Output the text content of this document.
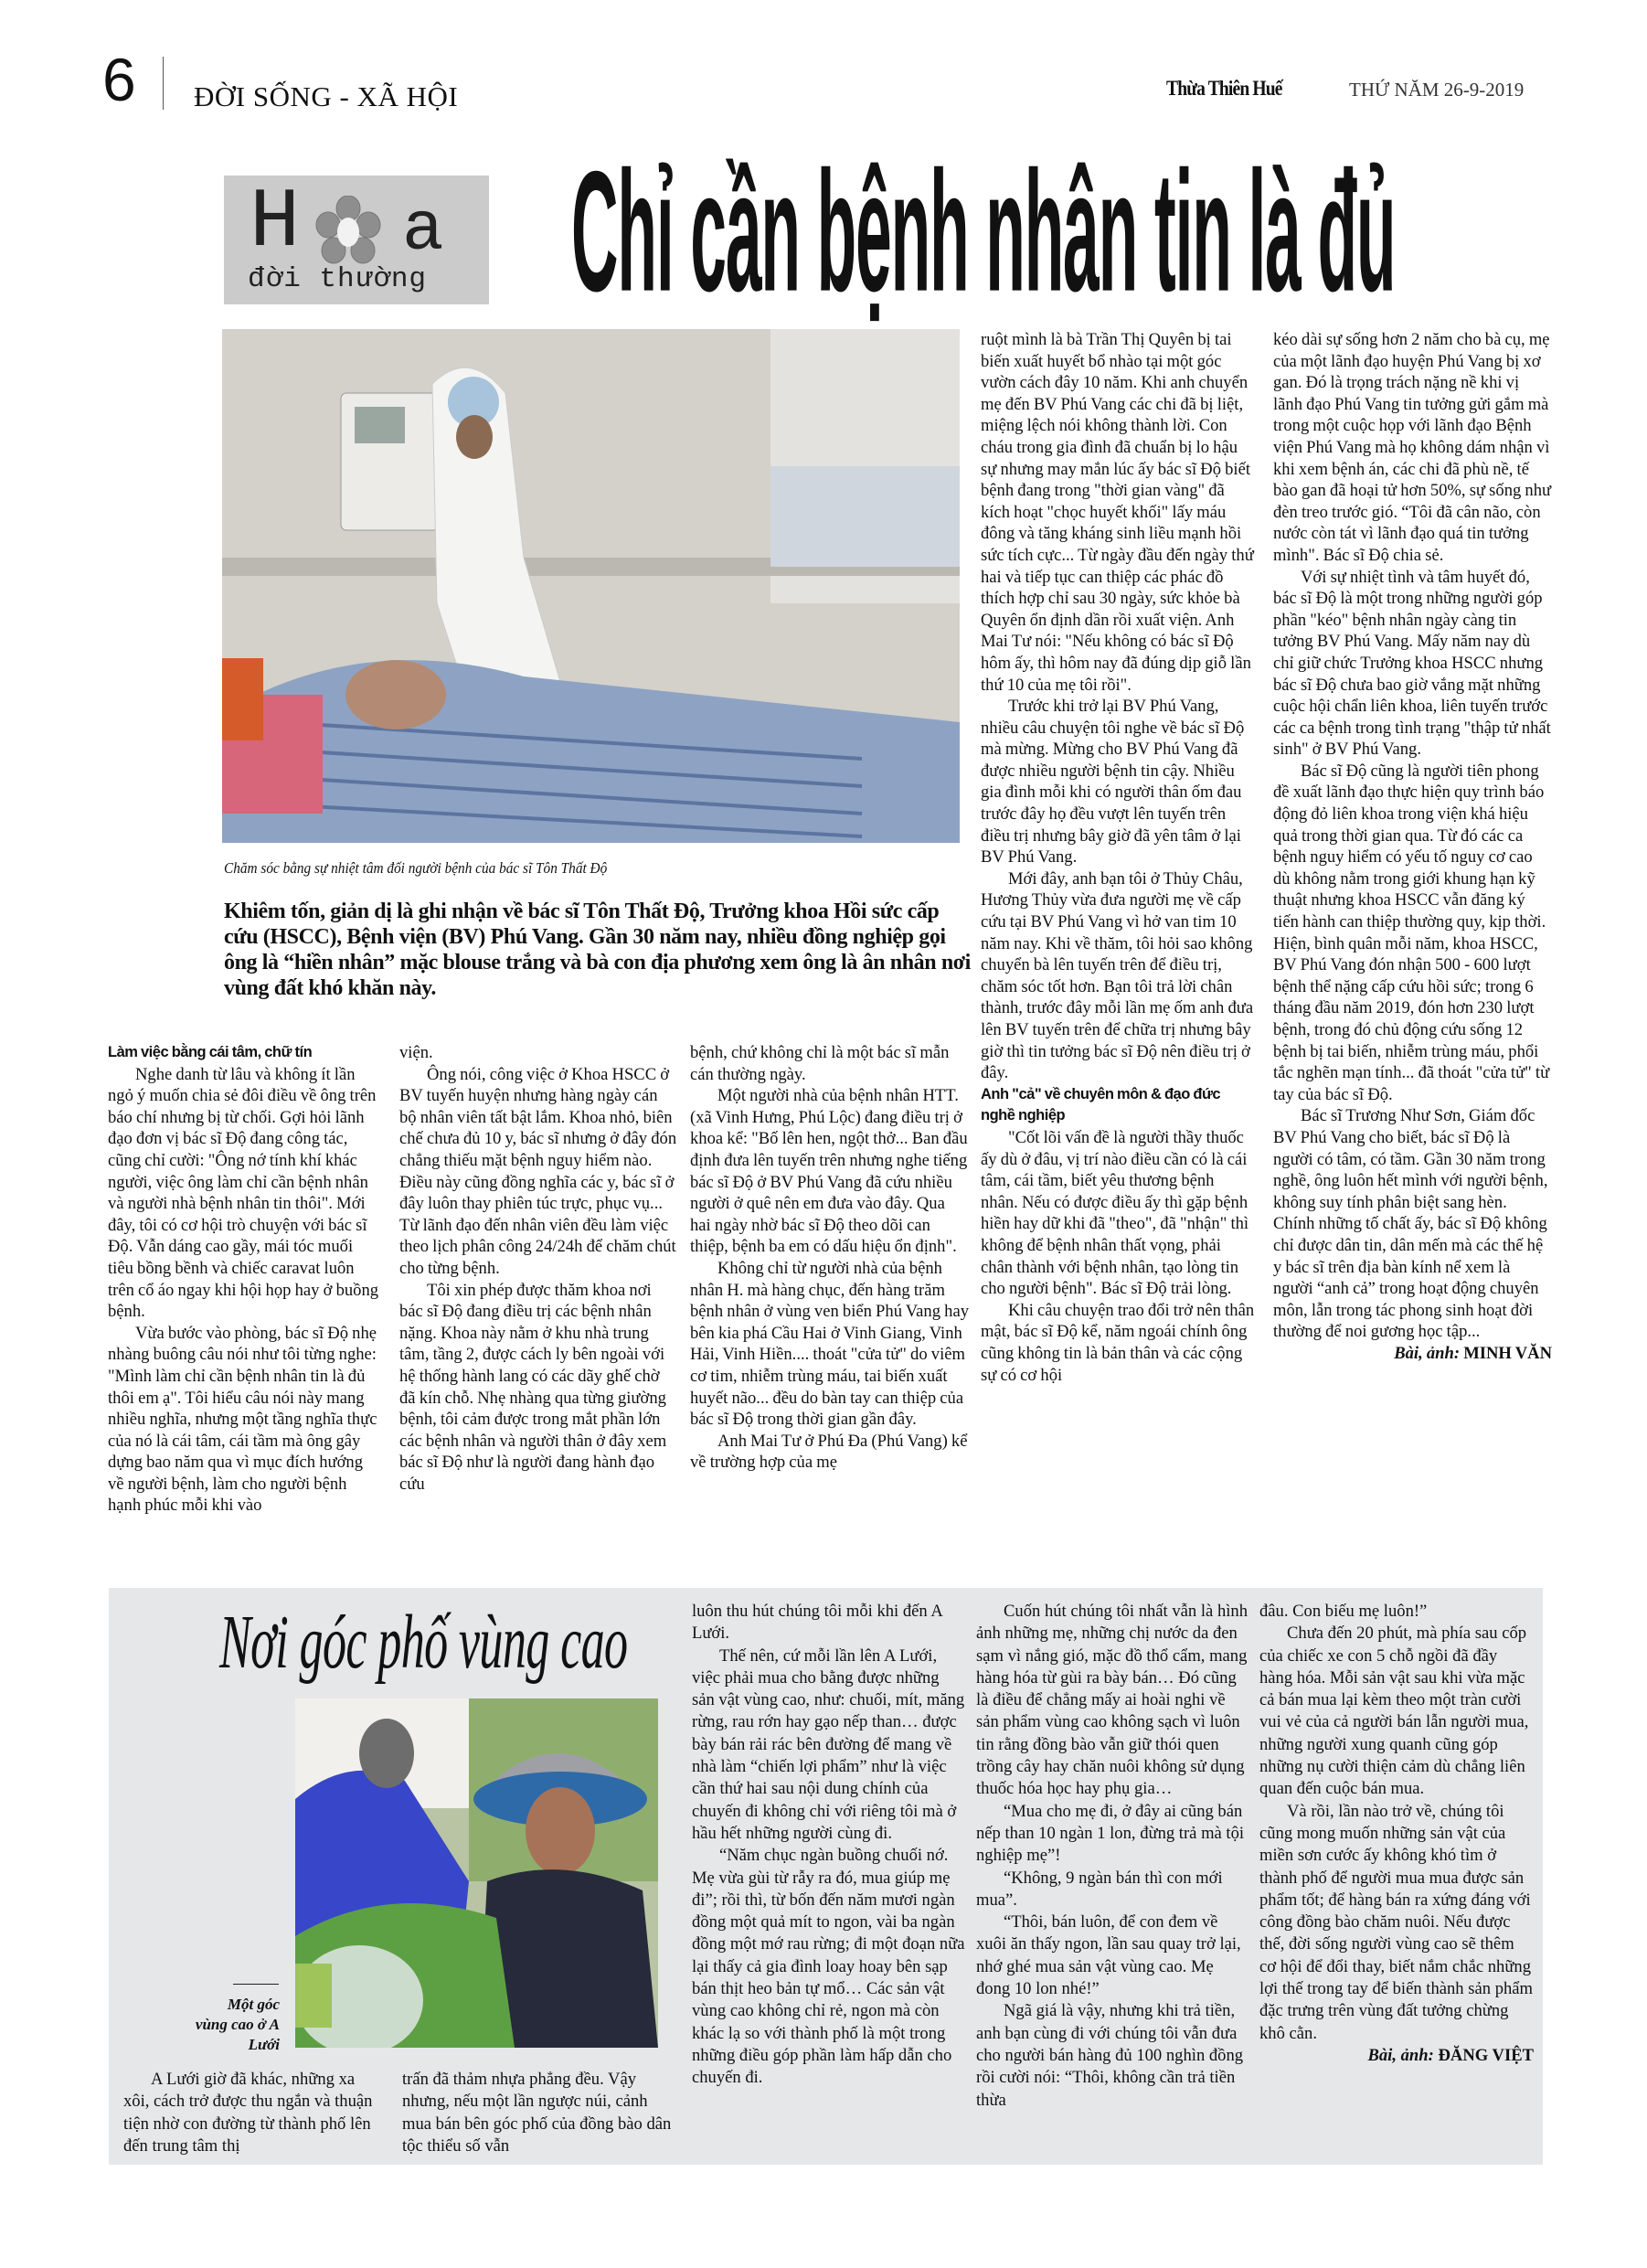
6 ĐỜI SỐNG - XÃ HỘI	Thừa Thiên Huế	THỨ NĂM 26-9-2019
H a
đời thường Chỉ cần bệnh nhân tin là đủ
Chăm sóc bằng sự nhiệt tâm đối người bệnh của bác sĩ Tôn Thất Độ
Khiêm tốn, giản dị là ghi nhận về bác sĩ Tôn Thất Độ, Trưởng khoa Hồi sức cấp cứu (HSCC), Bệnh viện (BV) Phú Vang. Gần 30 năm nay, nhiều đồng nghiệp gọi ông là “hiền nhân” mặc blouse trắng và bà con địa phương xem ông là ân nhân nơi vùng đất khó khăn này.
Làm việc bằng cái tâm, chữ tín

Nghe danh từ lâu và không ít lần ngỏ ý muốn chia sẻ đôi điều về ông trên báo chí nhưng bị từ chối. Gợi hỏi lãnh đạo đơn vị bác sĩ Độ đang công tác, cũng chỉ cười: "Ông nớ tính khí khác người, việc ông làm chỉ cần bệnh nhân và người nhà bệnh nhân tin thôi". Mới đây, tôi có cơ hội trò chuyện với bác sĩ Độ. Vẫn dáng cao gầy, mái tóc muối tiêu bồng bềnh và chiếc caravat luôn trên cổ áo ngay khi hội họp hay ở buồng bệnh.

Vừa bước vào phòng, bác sĩ Độ nhẹ nhàng buông câu nói như tôi từng nghe: "Mình làm chỉ cần bệnh nhân tin là đủ thôi em ạ". Tôi hiểu câu nói này mang nhiều nghĩa, nhưng một tầng nghĩa thực của nó là cái tâm, cái tầm mà ông gây dựng bao năm qua vì mục đích hướng về người bệnh, làm cho người bệnh hạnh phúc mỗi khi vào

viện.

Ông nói, công việc ở Khoa HSCC ở BV tuyến huyện nhưng hàng ngày cán bộ nhân viên tất bật lắm. Khoa nhỏ, biên chế chưa đủ 10 y, bác sĩ nhưng ở đây đón chẳng thiếu mặt bệnh nguy hiểm nào. Điều này cũng đồng nghĩa các y, bác sĩ ở đây luôn thay phiên túc trực, phục vụ... Từ lãnh đạo đến nhân viên đều làm việc theo lịch phân công 24/24h để chăm chút cho từng bệnh.

Tôi xin phép được thăm khoa nơi bác sĩ Độ đang điều trị các bệnh nhân nặng. Khoa này nằm ở khu nhà trung tâm, tầng 2, được cách ly bên ngoài với hệ thống hành lang có các dãy ghế chờ đã kín chỗ. Nhẹ nhàng qua từng giường bệnh, tôi cảm được trong mắt phần lớn các bệnh nhân và người thân ở đây xem bác sĩ Độ như là người đang hành đạo cứu

bệnh, chứ không chỉ là một bác sĩ mẫn cán thường ngày.

Một người nhà của bệnh nhân HTT. (xã Vinh Hưng, Phú Lộc) đang điều trị ở khoa kể: "Bố lên hen, ngột thở... Ban đầu định đưa lên tuyến trên nhưng nghe tiếng bác sĩ Độ ở BV Phú Vang đã cứu nhiều người ở quê nên em đưa vào đây. Qua hai ngày nhờ bác sĩ Độ theo dõi can thiệp, bệnh ba em có dấu hiệu ổn định".

Không chỉ từ người nhà của bệnh nhân H. mà hàng chục, đến hàng trăm bệnh nhân ở vùng ven biển Phú Vang hay bên kia phá Cầu Hai ở Vinh Giang, Vinh Hải, Vinh Hiền.... thoát "cửa tử" do viêm cơ tim, nhiễm trùng máu, tai biến xuất huyết não... đều do bàn tay can thiệp của bác sĩ Độ trong thời gian gần đây.

Anh Mai Tư ở Phú Đa (Phú Vang) kể về trường hợp của mẹ

ruột mình là bà Trần Thị Quyên bị tai biến xuất huyết bổ nhào tại một góc vườn cách đây 10 năm. Khi anh chuyển mẹ đến BV Phú Vang các chi đã bị liệt, miệng lệch nói không thành lời. Con cháu trong gia đình đã chuẩn bị lo hậu sự nhưng may mắn lúc ấy bác sĩ Độ biết bệnh đang trong "thời gian vàng" đã kích hoạt "chọc huyết khối" lấy máu đông và tăng kháng sinh liều mạnh hồi sức tích cực... Từ ngày đầu đến ngày thứ hai và tiếp tục can thiệp các phác đồ thích hợp chỉ sau 30 ngày, sức khỏe bà Quyên ổn định dần rồi xuất viện. Anh Mai Tư nói: "Nếu không có bác sĩ Độ hôm ấy, thì hôm nay đã đúng dịp giỗ lần thứ 10 của mẹ tôi rồi".

Trước khi trở lại BV Phú Vang, nhiều câu chuyện tôi nghe về bác sĩ Độ mà mừng. Mừng cho BV Phú Vang đã được nhiều người bệnh tin cậy. Nhiều gia đình mỗi khi có người thân ốm đau trước đây họ đều vượt lên tuyến trên điều trị nhưng bây giờ đã yên tâm ở lại BV Phú Vang.

Mới đây, anh bạn tôi ở Thủy Châu, Hương Thủy vừa đưa người mẹ về cấp cứu tại BV Phú Vang vì hở van tim 10 năm nay. Khi về thăm, tôi hỏi sao không chuyển bà lên tuyến trên để điều trị, chăm sóc tốt hơn. Bạn tôi trả lời chân thành, trước đây mỗi lần mẹ ốm anh đưa lên BV tuyến trên để chữa trị nhưng bây giờ thì tin tưởng bác sĩ Độ nên điều trị ở đây.

Anh "cả" về chuyên môn & đạo đức nghề nghiệp

"Cốt lõi vấn đề là người thầy thuốc ấy dù ở đâu, vị trí nào điều cần có là cái tâm, cái tầm, biết yêu thương bệnh nhân. Nếu có được điều ấy thì gặp bệnh hiền hay dữ khi đã "theo", đã "nhận" thì không để bệnh nhân thất vọng, phải chân thành với bệnh nhân, tạo lòng tin cho người bệnh". Bác sĩ Độ trải lòng.

Khi câu chuyện trao đổi trở nên thân mật, bác sĩ Độ kể, năm ngoái chính ông cũng không tin là bản thân và các cộng sự có cơ hội

kéo dài sự sống hơn 2 năm cho bà cụ, mẹ của một lãnh đạo huyện Phú Vang bị xơ gan. Đó là trọng trách nặng nề khi vị lãnh đạo Phú Vang tin tưởng gửi gắm mà trong một cuộc họp với lãnh đạo Bệnh viện Phú Vang mà họ không dám nhận vì khi xem bệnh án, các chi đã phù nề, tế bào gan đã hoại tử hơn 50%, sự sống như đèn treo trước gió. “Tôi đã cân não, còn nước còn tát vì lãnh đạo quá tin tưởng mình". Bác sĩ Độ chia sẻ.

Với sự nhiệt tình và tâm huyết đó, bác sĩ Độ là một trong những người góp phần "kéo" bệnh nhân ngày càng tin tưởng BV Phú Vang. Mấy năm nay dù chỉ giữ chức Trưởng khoa HSCC nhưng bác sĩ Độ chưa bao giờ vắng mặt những cuộc hội chẩn liên khoa, liên tuyến trước các ca bệnh trong tình trạng "thập tử nhất sinh" ở BV Phú Vang.

Bác sĩ Độ cũng là người tiên phong đề xuất lãnh đạo thực hiện quy trình báo động đỏ liên khoa trong viện khá hiệu quả trong thời gian qua. Từ đó các ca bệnh nguy hiểm có yếu tố nguy cơ cao dù không nằm trong giới khung hạn kỹ thuật nhưng khoa HSCC vẫn đăng ký tiến hành can thiệp thường quy, kịp thời. Hiện, bình quân mỗi năm, khoa HSCC, BV Phú Vang đón nhận 500 - 600 lượt bệnh thể nặng cấp cứu hồi sức; trong 6 tháng đầu năm 2019, đón hơn 230 lượt bệnh, trong đó chủ động cứu sống 12 bệnh bị tai biến, nhiễm trùng máu, phổi tắc nghẽn mạn tính... đã thoát "cửa tử" từ tay của bác sĩ Độ.

Bác sĩ Trương Như Sơn, Giám đốc BV Phú Vang cho biết, bác sĩ Độ là người có tâm, có tầm. Gần 30 năm trong nghề, ông luôn hết mình với người bệnh, không suy tính phân biệt sang hèn. Chính những tố chất ấy, bác sĩ Độ không chỉ được dân tin, dân mến mà các thế hệ y bác sĩ trên địa bàn kính nể xem là người “anh cả” trong hoạt động chuyên môn, lẫn trong tác phong sinh hoạt đời thường để noi gương học tập...

Bài, ảnh: MINH VĂN

Nơi góc phố vùng cao
Một góc vùng cao ở A Lưới

A Lưới giờ đã khác, những xa xôi, cách trở được thu ngắn và thuận tiện nhờ con đường từ thành phố lên đến trung tâm thị

trấn đã thảm nhựa phẳng đều. Vậy nhưng, nếu một lần ngược núi, cảnh mua bán bên góc phố của đồng bào dân tộc thiểu số vẫn

luôn thu hút chúng tôi mỗi khi đến A Lưới.

Thế nên, cứ mỗi lần lên A Lưới, việc phải mua cho bằng được những sản vật vùng cao, như: chuối, mít, măng rừng, rau rớn hay gạo nếp than… được bày bán rải rác bên đường để mang về nhà làm “chiến lợi phẩm” như là việc cần thứ hai sau nội dung chính của chuyến đi không chỉ với riêng tôi mà ở hầu hết những người cùng đi.

“Năm chục ngàn buồng chuối nớ. Mẹ vừa gùi từ rẫy ra đó, mua giúp mẹ đi”; rồi thì, từ bốn đến năm mươi ngàn đồng một quả mít to ngon, vài ba ngàn đồng một mớ rau rừng; đi một đoạn nữa lại thấy cả gia đình loay hoay bên sạp bán thịt heo bản tự mổ… Các sản vật vùng cao không chỉ rẻ, ngon mà còn khác lạ so với thành phố là một trong những điều góp phần làm hấp dẫn cho chuyến đi.

Cuốn hút chúng tôi nhất vẫn là hình ảnh những mẹ, những chị nước da đen sạm vì nắng gió, mặc đồ thổ cẩm, mang hàng hóa từ gùi ra bày bán… Đó cũng là điều để chẳng mấy ai hoài nghi về sản phẩm vùng cao không sạch vì luôn tin rằng đồng bào vẫn giữ thói quen trồng cây hay chăn nuôi không sử dụng thuốc hóa học hay phụ gia…

“Mua cho mẹ đi, ở đây ai cũng bán nếp than 10 ngàn 1 lon, đừng trả mà tội nghiệp mẹ”!

“Không, 9 ngàn bán thì con mới mua”.

“Thôi, bán luôn, để con đem về xuôi ăn thấy ngon, lần sau quay trở lại, nhớ ghé mua sản vật vùng cao. Mẹ đong 10 lon nhé!”

Ngã giá là vậy, nhưng khi trả tiền, anh bạn cùng đi với chúng tôi vẫn đưa cho người bán hàng đủ 100 nghìn đồng rồi cười nói: “Thôi, không cần trả tiền thừa

đâu. Con biếu mẹ luôn!”

Chưa đến 20 phút, mà phía sau cốp của chiếc xe con 5 chỗ ngồi đã đầy hàng hóa. Mỗi sản vật sau khi vừa mặc cả bán mua lại kèm theo một tràn cười vui vẻ của cả người bán lẫn người mua, những người xung quanh cũng góp những nụ cười thiện cảm dù chẳng liên quan đến cuộc bán mua.

Và rồi, lần nào trở về, chúng tôi cũng mong muốn những sản vật của miền sơn cước ấy không khó tìm ở thành phố để người mua mua được sản phẩm tốt; để hàng bán ra xứng đáng với công đồng bào chăm nuôi. Nếu được thế, đời sống người vùng cao sẽ thêm cơ hội để đổi thay, biết nắm chắc những lợi thế trong tay để biến thành sản phẩm đặc trưng trên vùng đất tưởng chừng khô cằn.

Bài, ảnh: ĐĂNG VIỆT
